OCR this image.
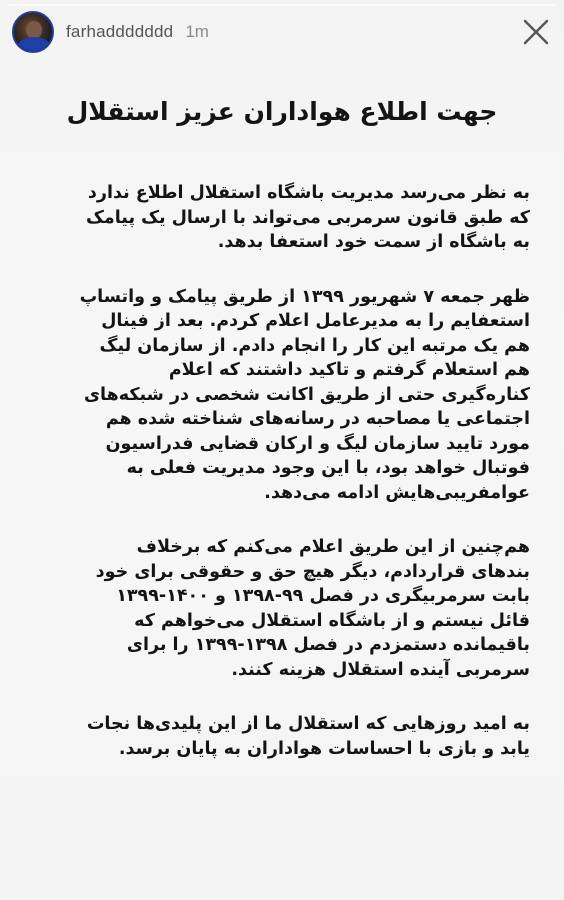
farhaddddddd 1m
جهت اطلاع هواداران عزیز استقلال
به نظر می‌رسد مدیریت باشگاه استقلال اطلاع ندارد
که طبق قانون سرمربی می‌تواند با ارسال یک پیامک
به باشگاه از سمت خود استعفا بدهد.
ظهر جمعه ۷ شهریور ۱۳۹۹ از طریق پیامک و واتساپ
استعفایم را به مدیرعامل اعلام کردم. بعد از فینال
هم یک مرتبه این کار را انجام دادم. از سازمان لیگ
هم استعلام گرفتم و تاکید داشتند که اعلام
کناره‌گیری حتی از طریق اکانت شخصی در شبکه‌های
اجتماعی یا مصاحبه در رسانه‌های شناخته شده هم
مورد تایید سازمان لیگ و ارکان قضایی فدراسیون
فوتبال خواهد بود، با این وجود مدیریت فعلی به
عوامفریبی‌هایش ادامه می‌دهد.
هم‌چنین از این طریق اعلام می‌کنم که برخلاف
بندهای قراردادم، دیگر هیچ حق و حقوقی برای خود
بابت سرمربیگری در فصل ۹۹-۱۳۹۸ و ۱۴۰۰-۱۳۹۹
قائل نیستم و از باشگاه استقلال می‌خواهم که
باقیمانده دستمزدم در فصل ۱۳۹۸-۱۳۹۹ را برای
سرمربی آینده استقلال هزینه کنند.
به امید روزهایی که استقلال ما از این پلیدی‌ها نجات
یابد و بازی با احساسات هواداران به پایان برسد.
